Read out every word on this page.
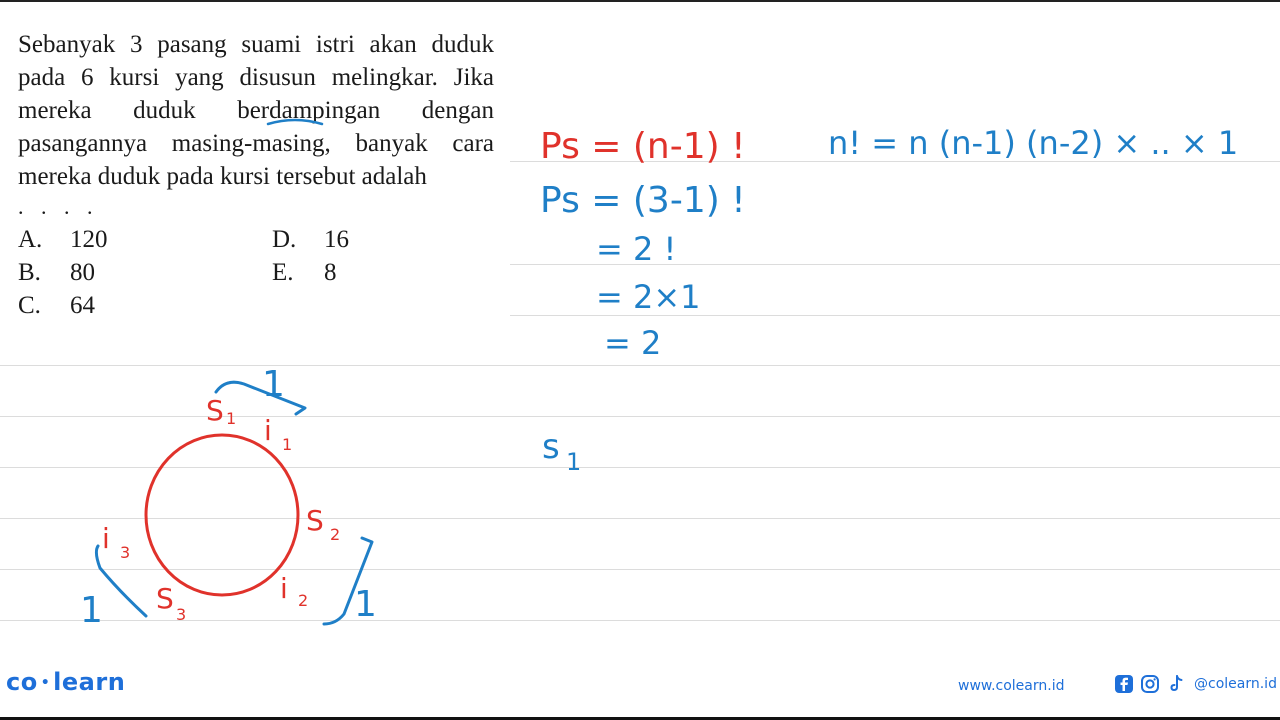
Sebanyak 3 pasang suami istri akan duduk pada 6 kursi yang disusun melingkar. Jika mereka duduk berdampingan dengan pasangannya masing-masing, banyak cara mereka duduk pada kursi tersebut adalah
. . . .
A. 120
B. 80
C. 64
D. 16
E. 8
Ps = (n-1) !	n! = n (n-1) (n-2) × .. × 1
Ps = (3-1) !
= 2 !
= 2×1
= 2
s 1
S 1
S 2
S 3
i 1
i 2
i 3
1
1	1
co • learn	www.colearn.id	@colearn.id
